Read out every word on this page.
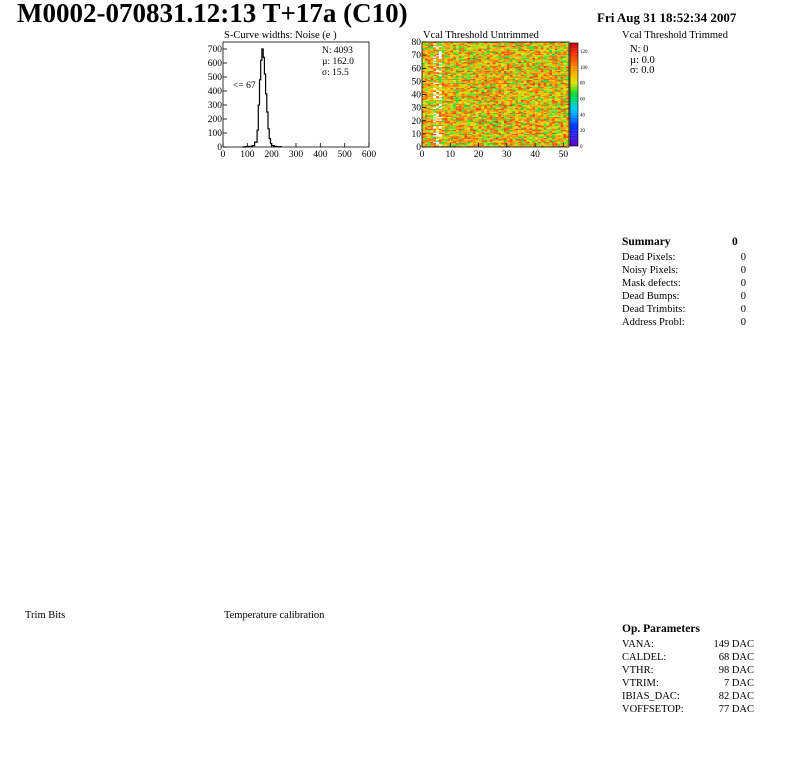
M0002-070831.12:13 T+17a (C10)	Fri Aug 31 18:52:34 2007
S-Curve widths: Noise (e )
0 100 200 300 400 500 600
0
100
200
300
400
500
600
700	N: 4093
µ: 162.0
σ: 15.5
<= 67
Vcal Threshold Untrimmed
0 10 20 30 40 50
0
10
20
30
40
50
60
70
80
120
100
80
60
40
20
0
Vcal Threshold Trimmed
N: 0
µ: 0.0
σ: 0.0
Summary	0
Dead Pixels:	0
Noisy Pixels:	0
Mask defects:	0
Dead Bumps:	0
Dead Trimbits:	0
Address Probl:	0
Trim Bits	Temperature calibration
Op. Parameters
VANA:	149 DAC
CALDEL:	68 DAC
VTHR:	98 DAC
VTRIM:	7 DAC
IBIAS_DAC:	82 DAC
VOFFSETOP:	77 DAC
